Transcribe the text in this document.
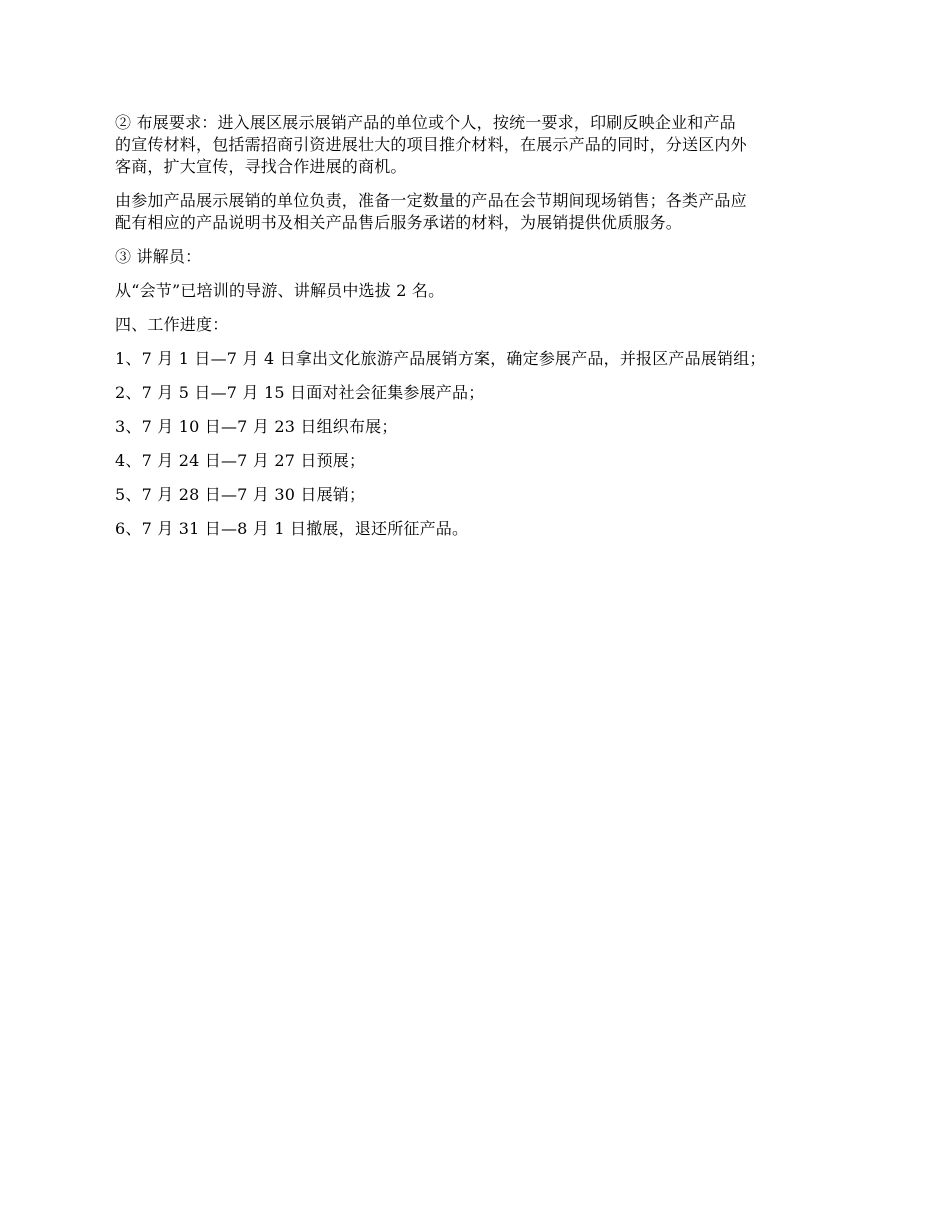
② 布展要求：进入展区展示展销产品的单位或个人，按统一要求，印刷反映企业和产品
的宣传材料，包括需招商引资进展壮大的项目推介材料，在展示产品的同时，分送区内外
客商，扩大宣传，寻找合作进展的商机。

由参加产品展示展销的单位负责，准备一定数量的产品在会节期间现场销售；各类产品应
配有相应的产品说明书及相关产品售后服务承诺的材料，为展销提供优质服务。

③ 讲解员：

从“会节”已培训的导游、讲解员中选拔 2 名。

四、工作进度：

1、7 月 1 日—7 月 4 日拿出文化旅游产品展销方案，确定参展产品，并报区产品展销组；

2、7 月 5 日—7 月 15 日面对社会征集参展产品；

3、7 月 10 日—7 月 23 日组织布展；

4、7 月 24 日—7 月 27 日预展；

5、7 月 28 日—7 月 30 日展销；

6、7 月 31 日—8 月 1 日撤展，退还所征产品。
